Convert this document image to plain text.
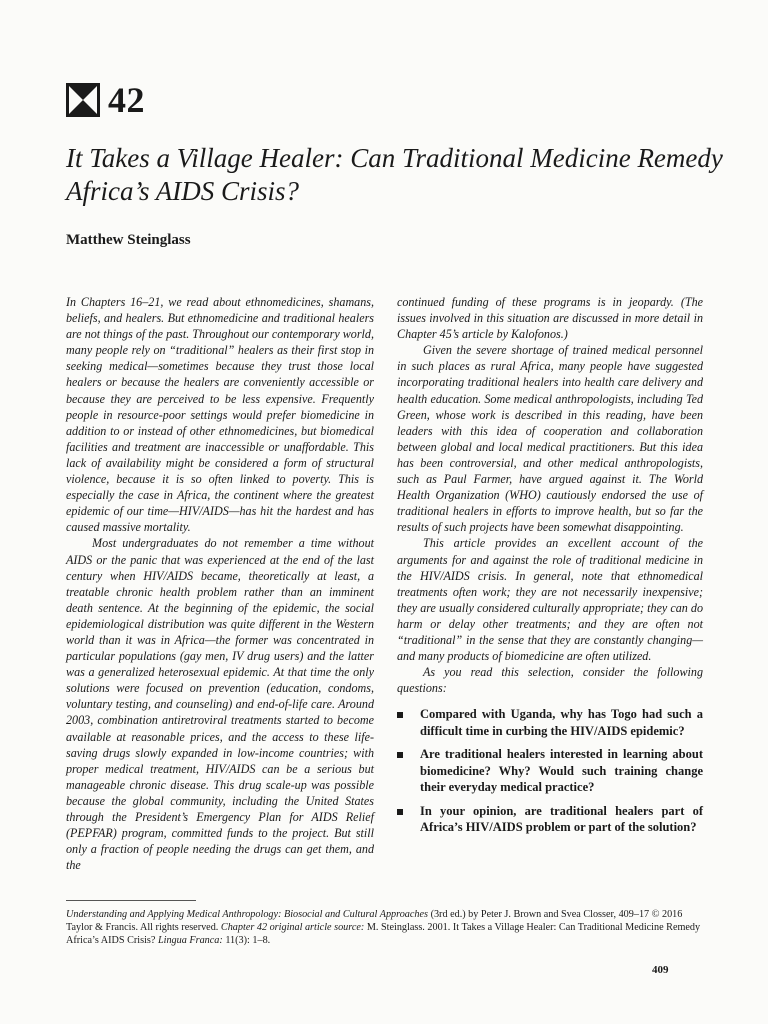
42
It Takes a Village Healer: Can Traditional Medicine Remedy Africa’s AIDS Crisis?
Matthew Steinglass

In Chapters 16–21, we read about ethnomedicines, shamans, beliefs, and healers. But ethnomedicine and traditional healers are not things of the past. Throughout our contemporary world, many people rely on “traditional” healers as their first stop in seeking medical—sometimes because they trust those local healers or because the healers are conveniently accessible or because they are perceived to be less expensive. Frequently people in resource-poor settings would prefer biomedicine in addition to or instead of other ethnomedicines, but biomedical facilities and treatment are inaccessible or unaffordable. This lack of availability might be considered a form of structural violence, because it is so often linked to poverty. This is especially the case in Africa, the continent where the greatest epidemic of our time—HIV/AIDS—has hit the hardest and has caused massive mortality.

Most undergraduates do not remember a time without AIDS or the panic that was experienced at the end of the last century when HIV/AIDS became, theoretically at least, a treatable chronic health problem rather than an imminent death sentence. At the beginning of the epidemic, the social epidemiological distribution was quite different in the Western world than it was in Africa—the former was concentrated in particular populations (gay men, IV drug users) and the latter was a generalized heterosexual epidemic. At that time the only solutions were focused on prevention (education, condoms, voluntary testing, and counseling) and end-of-life care. Around 2003, combination antiretroviral treatments started to become available at reasonable prices, and the access to these life-saving drugs slowly expanded in low-income countries; with proper medical treatment, HIV/AIDS can be a serious but manageable chronic disease. This drug scale-up was possible because the global community, including the United States through the President’s Emergency Plan for AIDS Relief (PEPFAR) program, committed funds to the project. But still only a fraction of people needing the drugs can get them, and the

continued funding of these programs is in jeopardy. (The issues involved in this situation are discussed in more detail in Chapter 45’s article by Kalofonos.)

Given the severe shortage of trained medical personnel in such places as rural Africa, many people have suggested incorporating traditional healers into health care delivery and health education. Some medical anthropologists, including Ted Green, whose work is described in this reading, have been leaders with this idea of cooperation and collaboration between global and local medical practitioners. But this idea has been controversial, and other medical anthropologists, such as Paul Farmer, have argued against it. The World Health Organization (WHO) cautiously endorsed the use of traditional healers in efforts to improve health, but so far the results of such projects have been somewhat disappointing.

This article provides an excellent account of the arguments for and against the role of traditional medicine in the HIV/AIDS crisis. In general, note that ethnomedical treatments often work; they are not necessarily inexpensive; they are usually considered culturally appropriate; they can do harm or delay other treatments; and they are often not “traditional” in the sense that they are constantly changing—and many products of biomedicine are often utilized.

As you read this selection, consider the following questions:

Compared with Uganda, why has Togo had such a difficult time in curbing the HIV/AIDS epidemic?
Are traditional healers interested in learning about biomedicine? Why? Would such training change their everyday medical practice?
In your opinion, are traditional healers part of Africa’s HIV/AIDS problem or part of the solution?
Understanding and Applying Medical Anthropology: Biosocial and Cultural Approaches (3rd ed.) by Peter J. Brown and Svea Closser, 409–17 © 2016 Taylor & Francis. All rights reserved. Chapter 42 original article source: M. Steinglass. 2001. It Takes a Village Healer: Can Traditional Medicine Remedy Africa’s AIDS Crisis? Lingua Franca: 11(3): 1–8.
409
